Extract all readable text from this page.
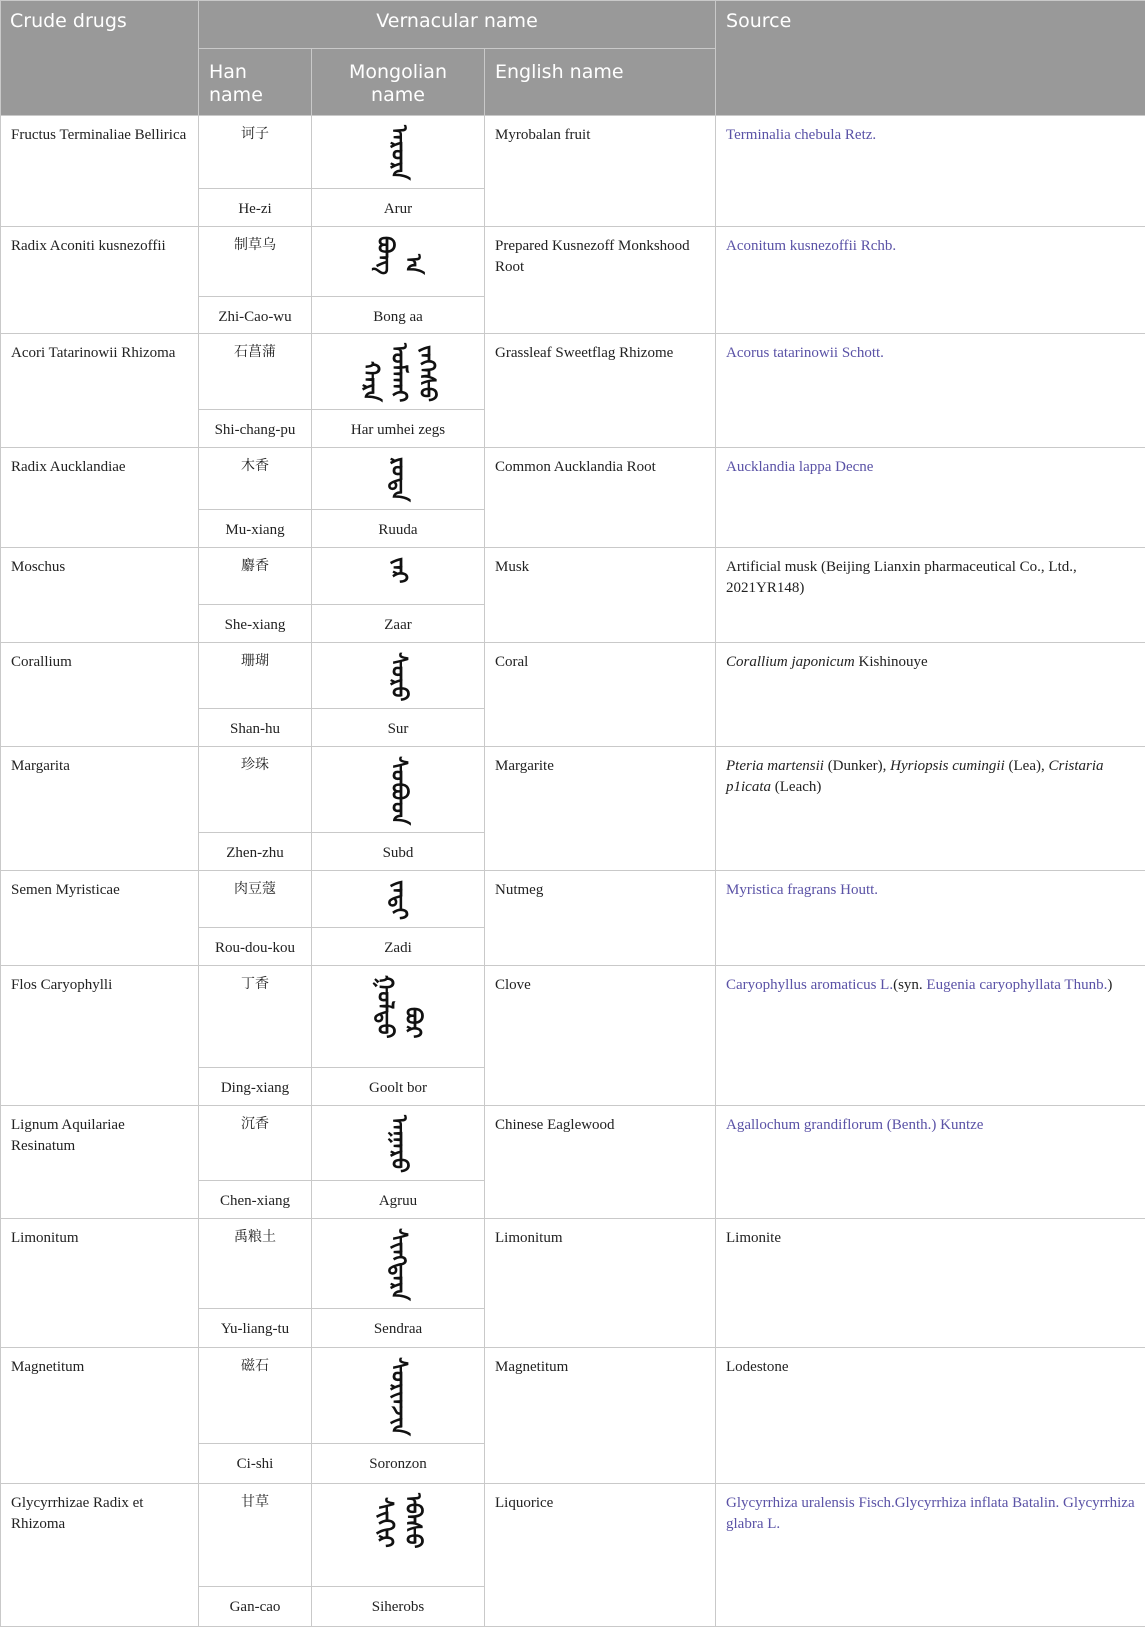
Crude drugs	Vernacular name			Source

	Han name	Mongolian name	English name	
Fructus Terminaliae Bellirica	诃子	ᠠᠷᠤᠷᠠ	Myrobalan fruit	Terminalia chebula Retz.
	He-zi	Arur		
Radix Aconiti kusnezoffii	制草乌	ᠪᠣᠩ ᠠ	Prepared Kusnezoff Monkshood Root	Aconitum kusnezoffii Rchb.
	Zhi-Cao-wu	Bong aa		
Acori Tatarinowii Rhizoma	石菖蒲	ᠬᠠᠷᠠ ᠤᠮᠬᠠᠢ ᠵᠡᠭᠡᠰᠦ	Grassleaf Sweetflag Rhizome	Acorus tatarinowii Schott.
	Shi-chang-pu	Har umhei zegs		
Radix Aucklandiae	木香	ᠷᠤᠳᠠ	Common Aucklandia Root	Aucklandia lappa Decne
	Mu-xiang	Ruuda		
Moschus	麝香	ᠵᠠᠷ	Musk	Artificial musk (Beijing Lianxin pharmaceutical Co., Ltd., 2021YR148)
	She-xiang	Zaar		
Corallium	珊瑚	ᠰᠤᠷᠤ	Coral	Corallium japonicum Kishinouye
	Shan-hu	Sur		
Margarita	珍珠	ᠰᠤᠪᠤᠳ	Margarite	Pteria martensii (Dunker), Hyriopsis cumingii (Lea), Cristaria p1icata (Leach)
	Zhen-zhu	Subd		
Semen Myristicae	肉豆蔻	ᠵᠠᠳᠢ	Nutmeg	Myristica fragrans Houtt.
	Rou-dou-kou	Zadi		
Flos Caryophylli	丁香	ᠭᠣᠯᠲᠤ ᠪᠣᠷ	Clove	Caryophyllus aromaticus L.(syn. Eugenia caryophyllata Thunb.)
	Ding-xiang	Goolt bor		
Lignum Aquilariae Resinatum	沉香	ᠠᠭᠠᠷᠤ	Chinese Eaglewood	Agallochum grandiflorum (Benth.) Kuntze
	Chen-xiang	Agruu		
Limonitum	禹粮土	ᠰᠢᠩᠳᠠᠷᠠ	Limonitum	Limonite
	Yu-liang-tu	Sendraa		
Magnetitum	磁石	ᠰᠣᠷᠢᠨᠵᠢᠨ	Magnetitum	Lodestone
	Ci-shi	Soronzon		
Glycyrrhizae Radix et Rhizoma	甘草	ᠰᠢᠬᠢᠷ ᠡᠪᠡᠰᠦ	Liquorice	Glycyrrhiza uralensis Fisch.Glycyrrhiza inflata Batalin. Glycyrrhiza glabra L.
	Gan-cao	Siherobs		
